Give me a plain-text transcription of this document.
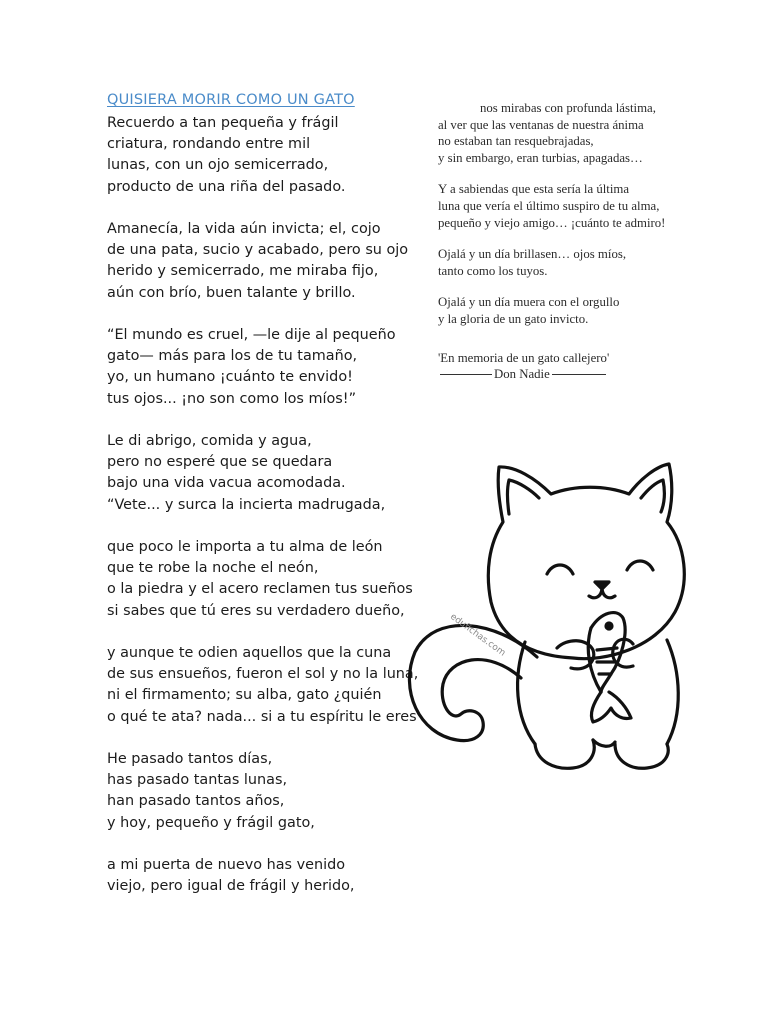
QUISIERA MORIR COMO UN GATO
Recuerdo a tan pequeña y frágil
criatura, rondando entre mil
lunas, con un ojo semicerrado,
producto de una riña del pasado.
Amanecía, la vida aún invicta; el, cojo
de una pata, sucio y acabado, pero su ojo
herido y semicerrado, me miraba fijo,
aún con brío, buen talante y brillo.
“El mundo es cruel, —le dije al pequeño
gato— más para los de tu tamaño,
yo, un humano ¡cuánto te envido!
tus ojos... ¡no son como los míos!”
Le di abrigo, comida y agua,
pero no esperé que se quedara
bajo una vida vacua acomodada.
“Vete... y surca la incierta madrugada,
que poco le importa a tu alma de león
que te robe la noche el neón,
o la piedra y el acero reclamen tus sueños
si sabes que tú eres su verdadero dueño,
y aunque te odien aquellos que la cuna
de sus ensueños, fueron el sol y no la luna,
ni el firmamento; su alba, gato ¿quién
o qué te ata? nada... si a tu espíritu le eres
He pasado tantos días,
has pasado tantas lunas,
han pasado tantos años,
y hoy, pequeño y frágil gato,
a mi puerta de nuevo has venido
viejo, pero igual de frágil y herido,
nos mirabas con profunda lástima,
al ver que las ventanas de nuestra ánima
no estaban tan resquebrajadas,
y sin embargo, eran turbias, apagadas…
Y a sabiendas que esta sería la última
luna que vería el último suspiro de tu alma,
pequeño y viejo amigo… ¡cuánto te admiro!
Ojalá y un día brillasen… ojos míos,
tanto como los tuyos.
Ojalá y un día muera con el orgullo
y la gloria de un gato invicto.
'En memoria de un gato callejero'
Don Nadie
edufichas.com
